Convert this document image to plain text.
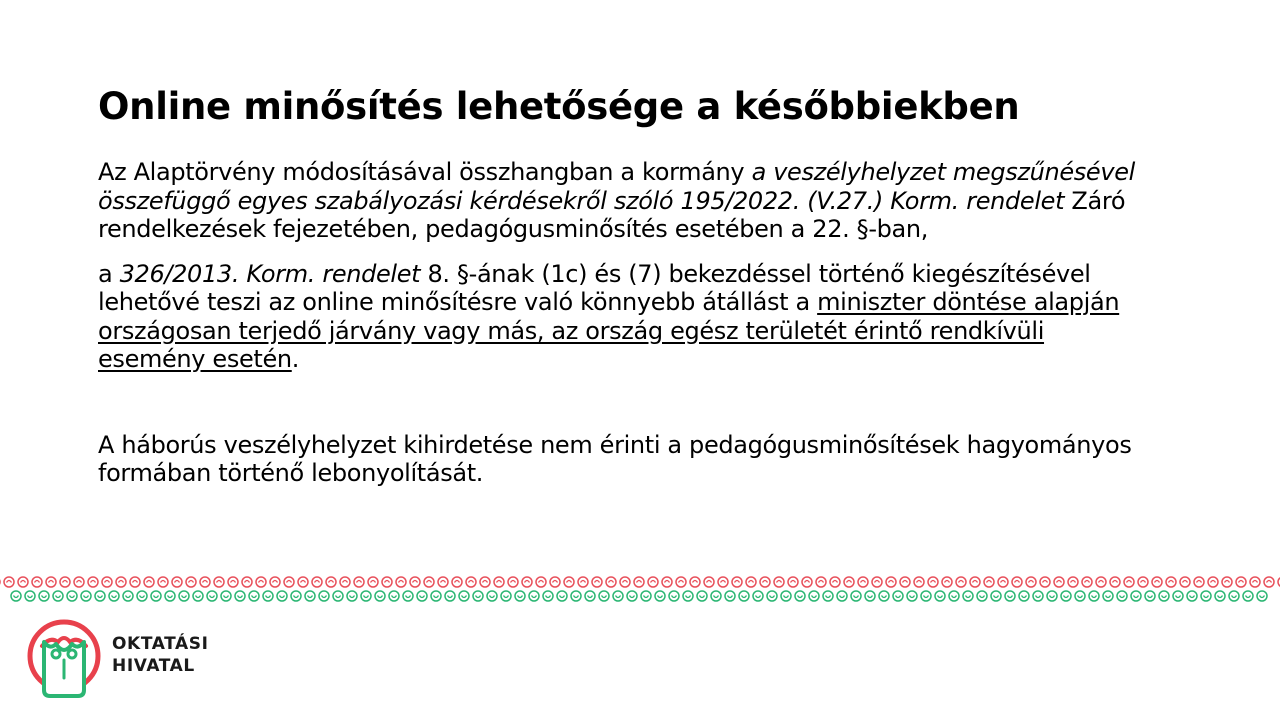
Online minősítés lehetősége a későbbiekben

Az Alaptörvény módosításával összhangban a kormány a veszélyhelyzet megszűnésével összefüggő egyes szabályozási kérdésekről szóló 195/2022. (V.27.) Korm. rendelet Záró rendelkezések fejezetében, pedagógusminősítés esetében a 22. §-ban,

a 326/2013. Korm. rendelet 8. §-ának (1c) és (7) bekezdéssel történő kiegészítésével lehetővé teszi az online minősítésre való könnyebb átállást a miniszter döntése alapján országosan terjedő járvány vagy más, az ország egész területét érintő rendkívüli esemény esetén.

A háborús veszélyhelyzet kihirdetése nem érinti a pedagógusminősítések hagyományos formában történő lebonyolítását.

OKTATÁSI
HIVATAL
